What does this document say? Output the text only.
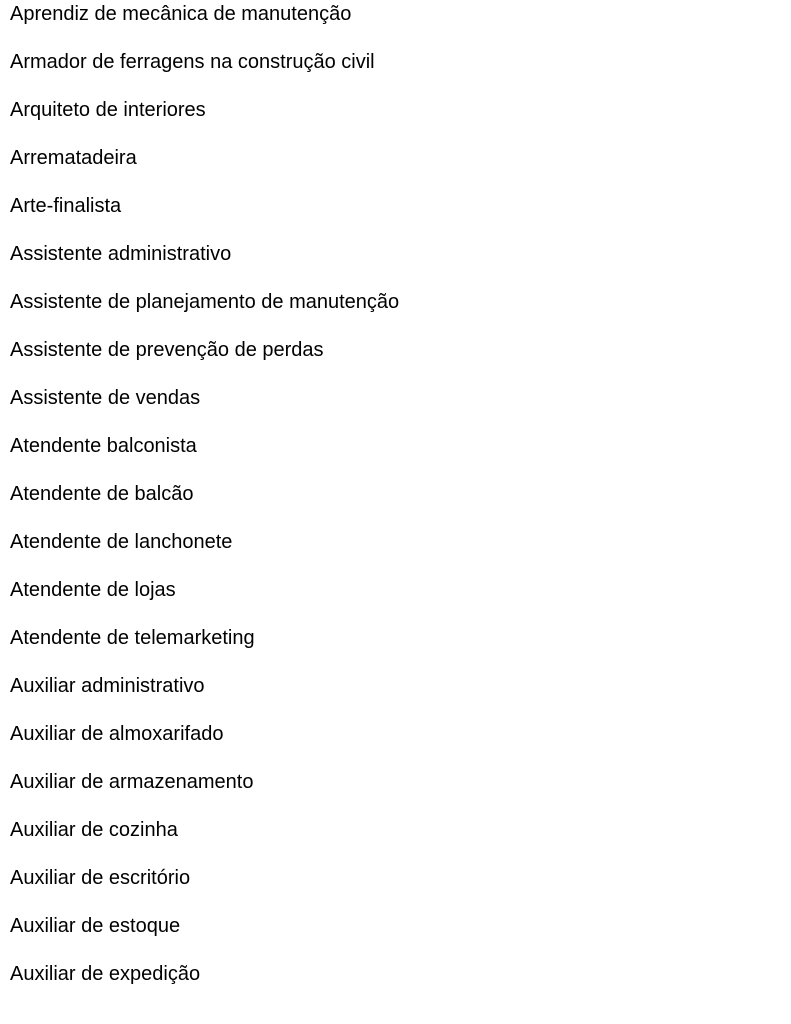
Aprendiz de mecânica de manutenção
Armador de ferragens na construção civil
Arquiteto de interiores
Arrematadeira
Arte-finalista
Assistente administrativo
Assistente de planejamento de manutenção
Assistente de prevenção de perdas
Assistente de vendas
Atendente balconista
Atendente de balcão
Atendente de lanchonete
Atendente de lojas
Atendente de telemarketing
Auxiliar administrativo
Auxiliar de almoxarifado
Auxiliar de armazenamento
Auxiliar de cozinha
Auxiliar de escritório
Auxiliar de estoque
Auxiliar de expedição
